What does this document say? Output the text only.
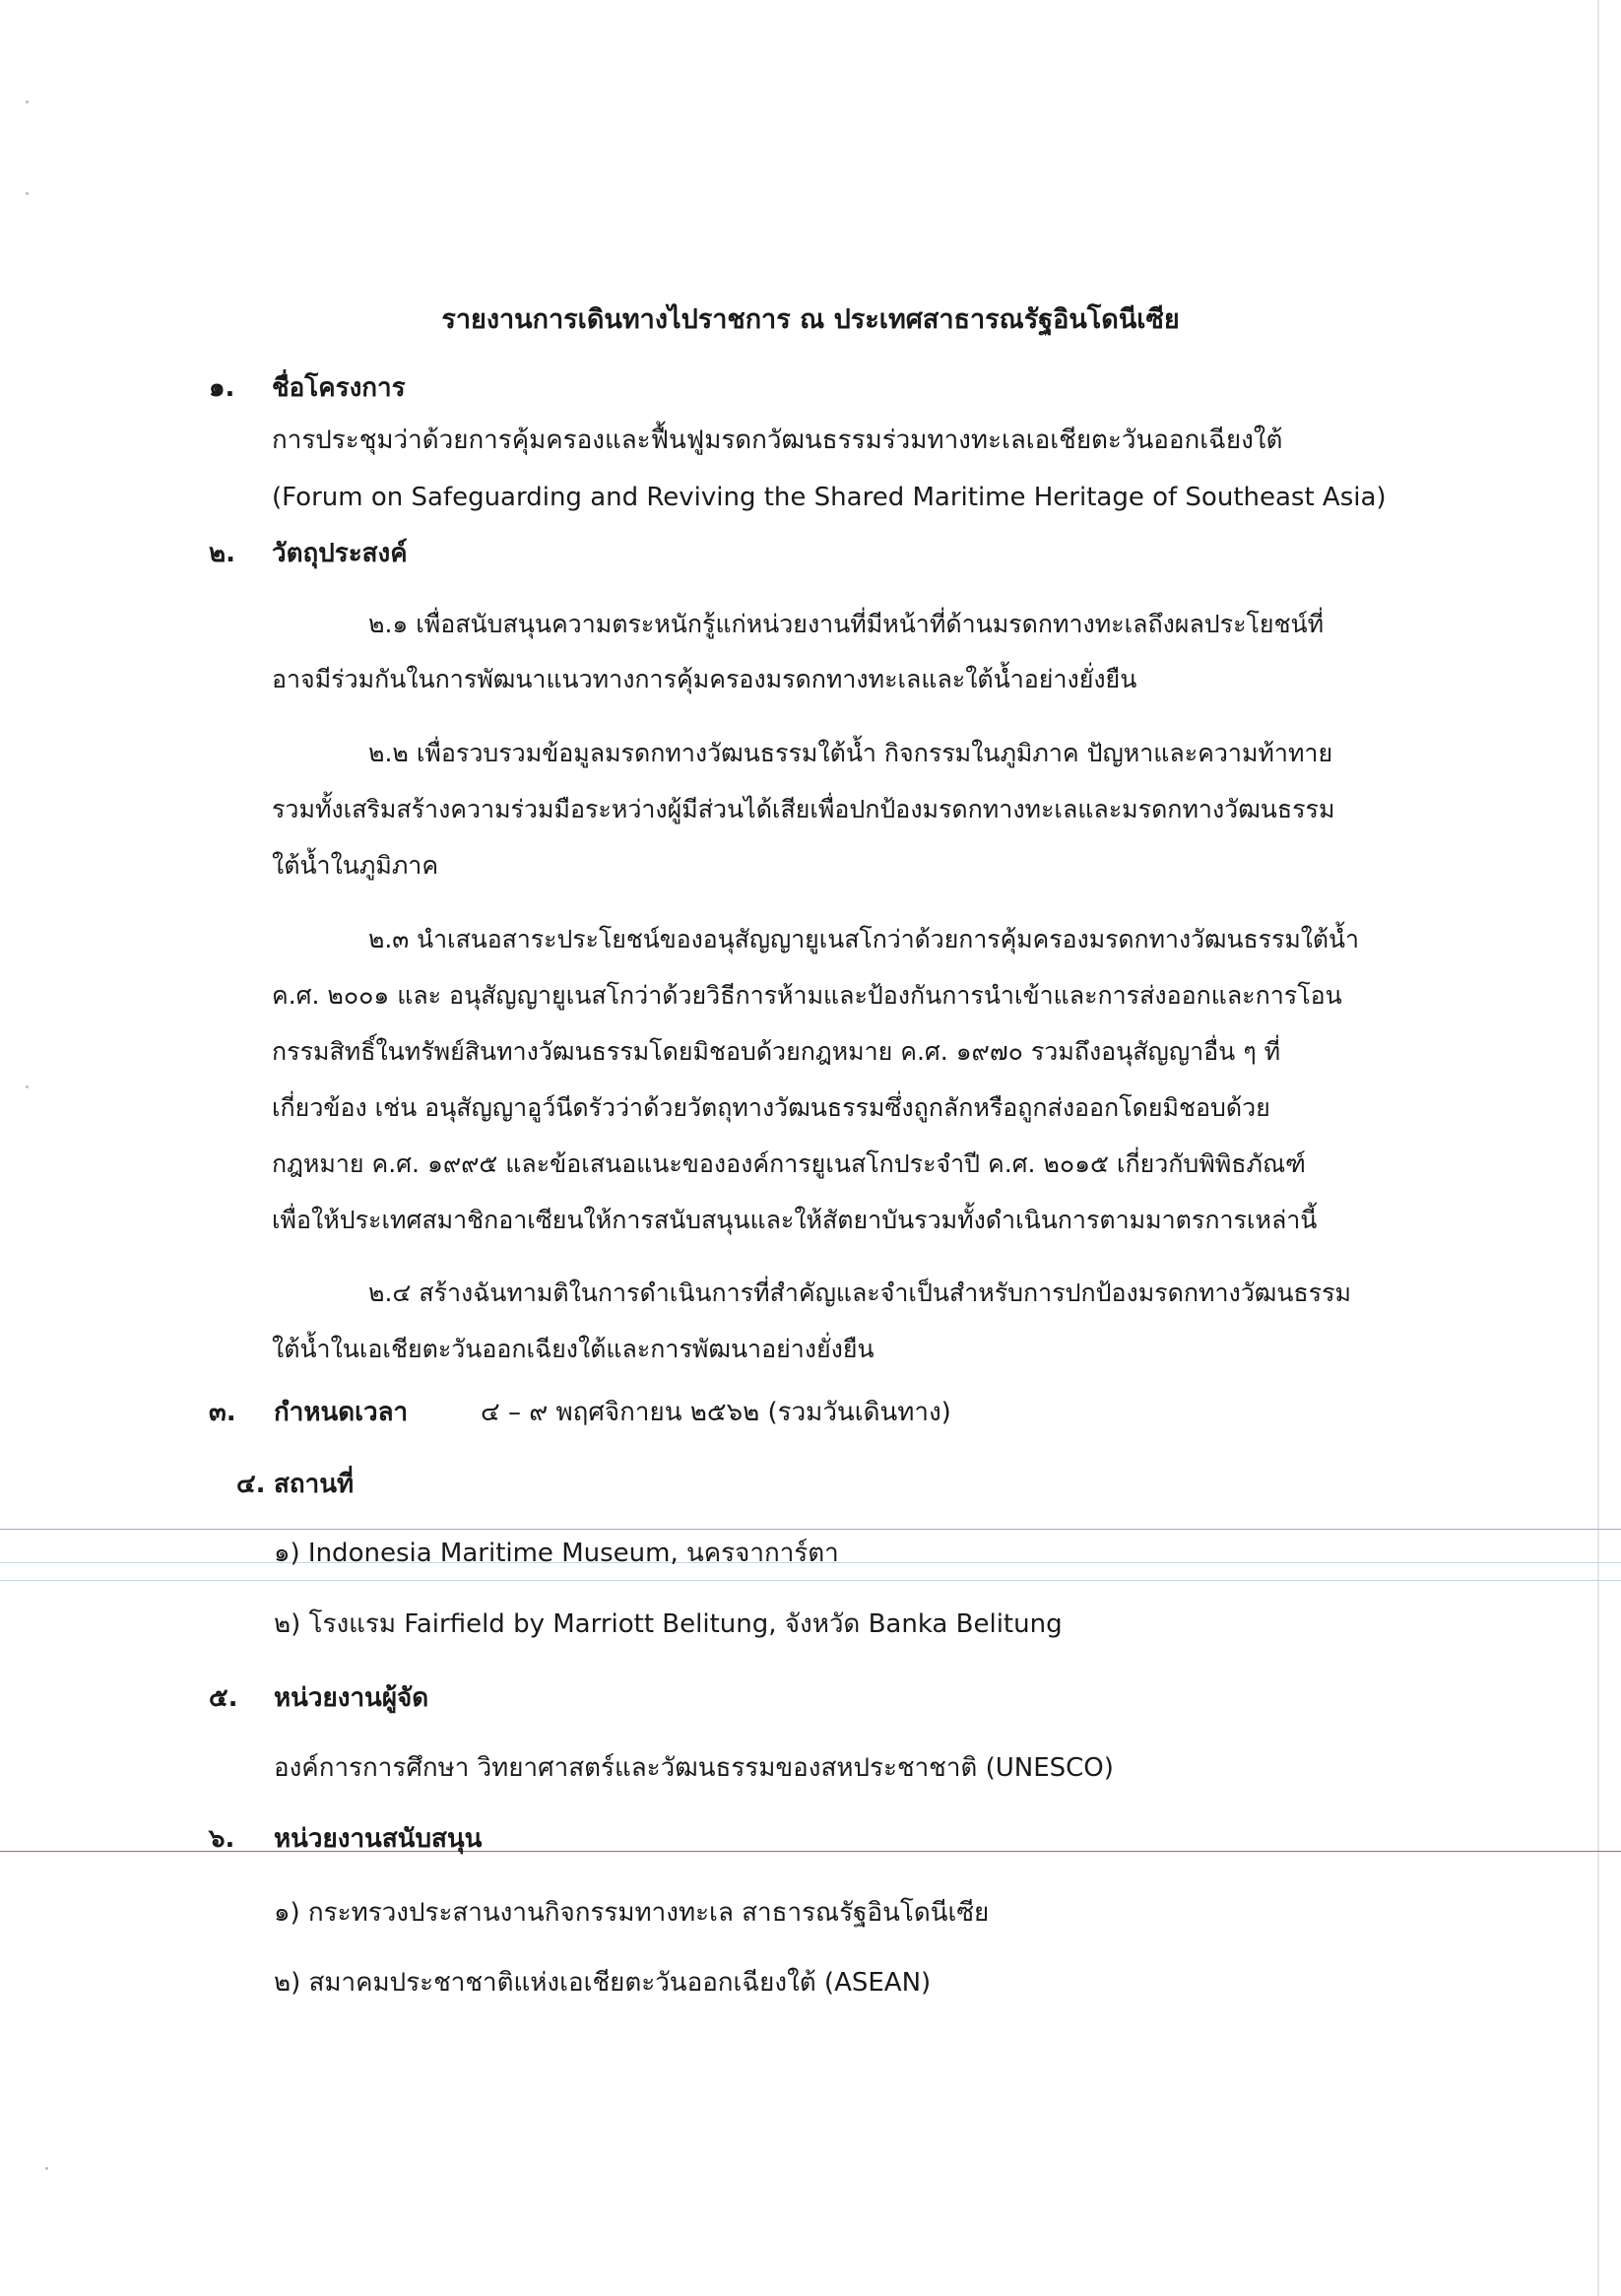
รายงานการเดินทางไปราชการ ณ ประเทศสาธารณรัฐอินโดนีเซีย
๑. ชื่อโครงการ
การประชุมว่าด้วยการคุ้มครองและฟื้นฟูมรดกวัฒนธรรมร่วมทางทะเลเอเชียตะวันออกเฉียงใต้
(Forum on Safeguarding and Reviving the Shared Maritime Heritage of Southeast Asia)
๒. วัตถุประสงค์
๒.๑ เพื่อสนับสนุนความตระหนักรู้แก่หน่วยงานที่มีหน้าที่ด้านมรดกทางทะเลถึงผลประโยชน์ที่
อาจมีร่วมกันในการพัฒนาแนวทางการคุ้มครองมรดกทางทะเลและใต้น้ำอย่างยั่งยืน
๒.๒ เพื่อรวบรวมข้อมูลมรดกทางวัฒนธรรมใต้น้ำ กิจกรรมในภูมิภาค ปัญหาและความท้าทาย
รวมทั้งเสริมสร้างความร่วมมือระหว่างผู้มีส่วนได้เสียเพื่อปกป้องมรดกทางทะเลและมรดกทางวัฒนธรรม
ใต้น้ำในภูมิภาค
๒.๓ นำเสนอสาระประโยชน์ของอนุสัญญายูเนสโกว่าด้วยการคุ้มครองมรดกทางวัฒนธรรมใต้น้ำ
ค.ศ. ๒๐๐๑ และ อนุสัญญายูเนสโกว่าด้วยวิธีการห้ามและป้องกันการนำเข้าและการส่งออกและการโอน
กรรมสิทธิ์ในทรัพย์สินทางวัฒนธรรมโดยมิชอบด้วยกฎหมาย ค.ศ. ๑๙๗๐ รวมถึงอนุสัญญาอื่น ๆ ที่
เกี่ยวข้อง เช่น อนุสัญญาอูว์นีดรัวว่าด้วยวัตถุทางวัฒนธรรมซึ่งถูกลักหรือถูกส่งออกโดยมิชอบด้วย
กฎหมาย ค.ศ. ๑๙๙๕ และข้อเสนอแนะขององค์การยูเนสโกประจำปี ค.ศ. ๒๐๑๕ เกี่ยวกับพิพิธภัณฑ์
เพื่อให้ประเทศสมาชิกอาเซียนให้การสนับสนุนและให้สัตยาบันรวมทั้งดำเนินการตามมาตรการเหล่านี้
๒.๔ สร้างฉันทามติในการดำเนินการที่สำคัญและจำเป็นสำหรับการปกป้องมรดกทางวัฒนธรรม
ใต้น้ำในเอเชียตะวันออกเฉียงใต้และการพัฒนาอย่างยั่งยืน
๓. กำหนดเวลา	๔ – ๙ พฤศจิกายน ๒๕๖๒ (รวมวันเดินทาง)
๔. สถานที่
๑) Indonesia Maritime Museum, นครจาการ์ตา
๒) โรงแรม Fairfield by Marriott Belitung, จังหวัด Banka Belitung
๕. หน่วยงานผู้จัด
องค์การการศึกษา วิทยาศาสตร์และวัฒนธรรมของสหประชาชาติ (UNESCO)
๖. หน่วยงานสนับสนุน
๑) กระทรวงประสานงานกิจกรรมทางทะเล สาธารณรัฐอินโดนีเซีย
๒) สมาคมประชาชาติแห่งเอเชียตะวันออกเฉียงใต้ (ASEAN)
